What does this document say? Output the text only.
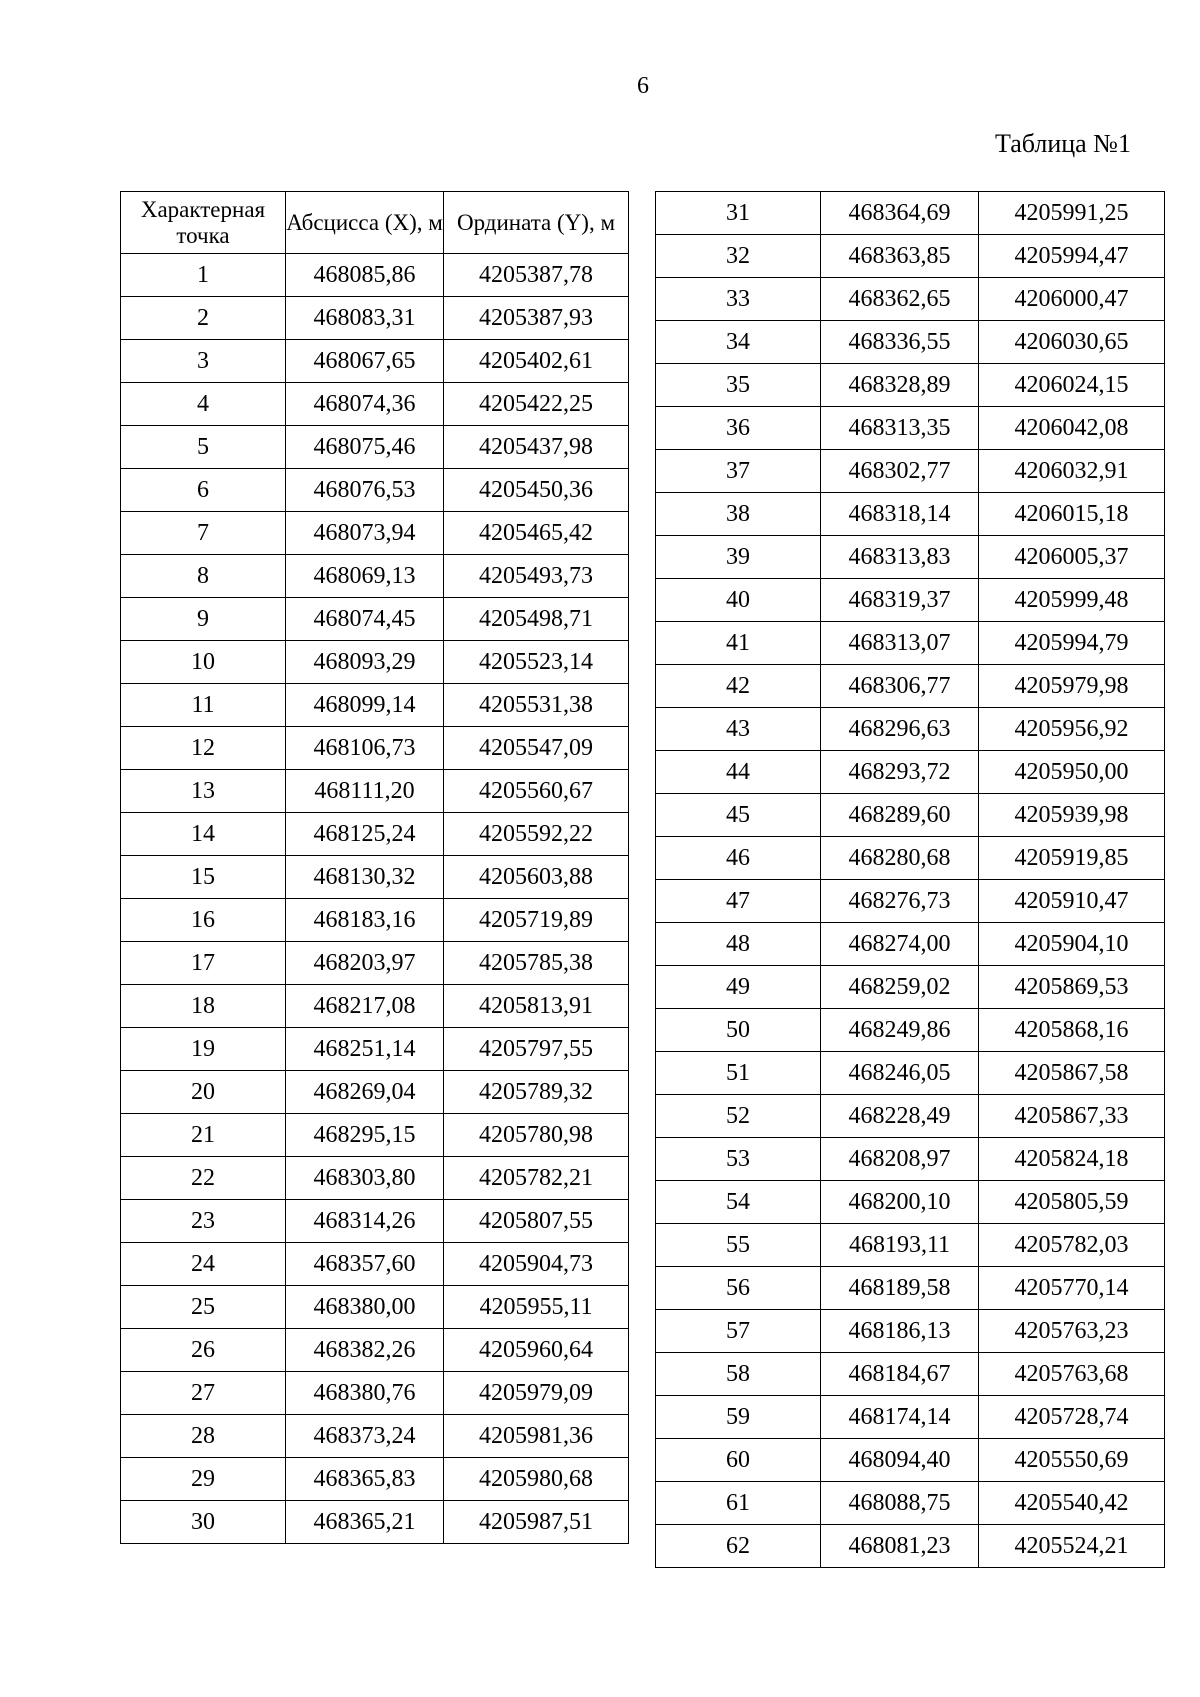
6
Таблица №1
Характерная точка	Абсцисса (X), м	Ордината (Y), м
1	468085,86	4205387,78
2	468083,31	4205387,93
3	468067,65	4205402,61
4	468074,36	4205422,25
5	468075,46	4205437,98
6	468076,53	4205450,36
7	468073,94	4205465,42
8	468069,13	4205493,73
9	468074,45	4205498,71
10	468093,29	4205523,14
11	468099,14	4205531,38
12	468106,73	4205547,09
13	468111,20	4205560,67
14	468125,24	4205592,22
15	468130,32	4205603,88
16	468183,16	4205719,89
17	468203,97	4205785,38
18	468217,08	4205813,91
19	468251,14	4205797,55
20	468269,04	4205789,32
21	468295,15	4205780,98
22	468303,80	4205782,21
23	468314,26	4205807,55
24	468357,60	4205904,73
25	468380,00	4205955,11
26	468382,26	4205960,64
27	468380,76	4205979,09
28	468373,24	4205981,36
29	468365,83	4205980,68
30	468365,21	4205987,51
31	468364,69	4205991,25
32	468363,85	4205994,47
33	468362,65	4206000,47
34	468336,55	4206030,65
35	468328,89	4206024,15
36	468313,35	4206042,08
37	468302,77	4206032,91
38	468318,14	4206015,18
39	468313,83	4206005,37
40	468319,37	4205999,48
41	468313,07	4205994,79
42	468306,77	4205979,98
43	468296,63	4205956,92
44	468293,72	4205950,00
45	468289,60	4205939,98
46	468280,68	4205919,85
47	468276,73	4205910,47
48	468274,00	4205904,10
49	468259,02	4205869,53
50	468249,86	4205868,16
51	468246,05	4205867,58
52	468228,49	4205867,33
53	468208,97	4205824,18
54	468200,10	4205805,59
55	468193,11	4205782,03
56	468189,58	4205770,14
57	468186,13	4205763,23
58	468184,67	4205763,68
59	468174,14	4205728,74
60	468094,40	4205550,69
61	468088,75	4205540,42
62	468081,23	4205524,21
